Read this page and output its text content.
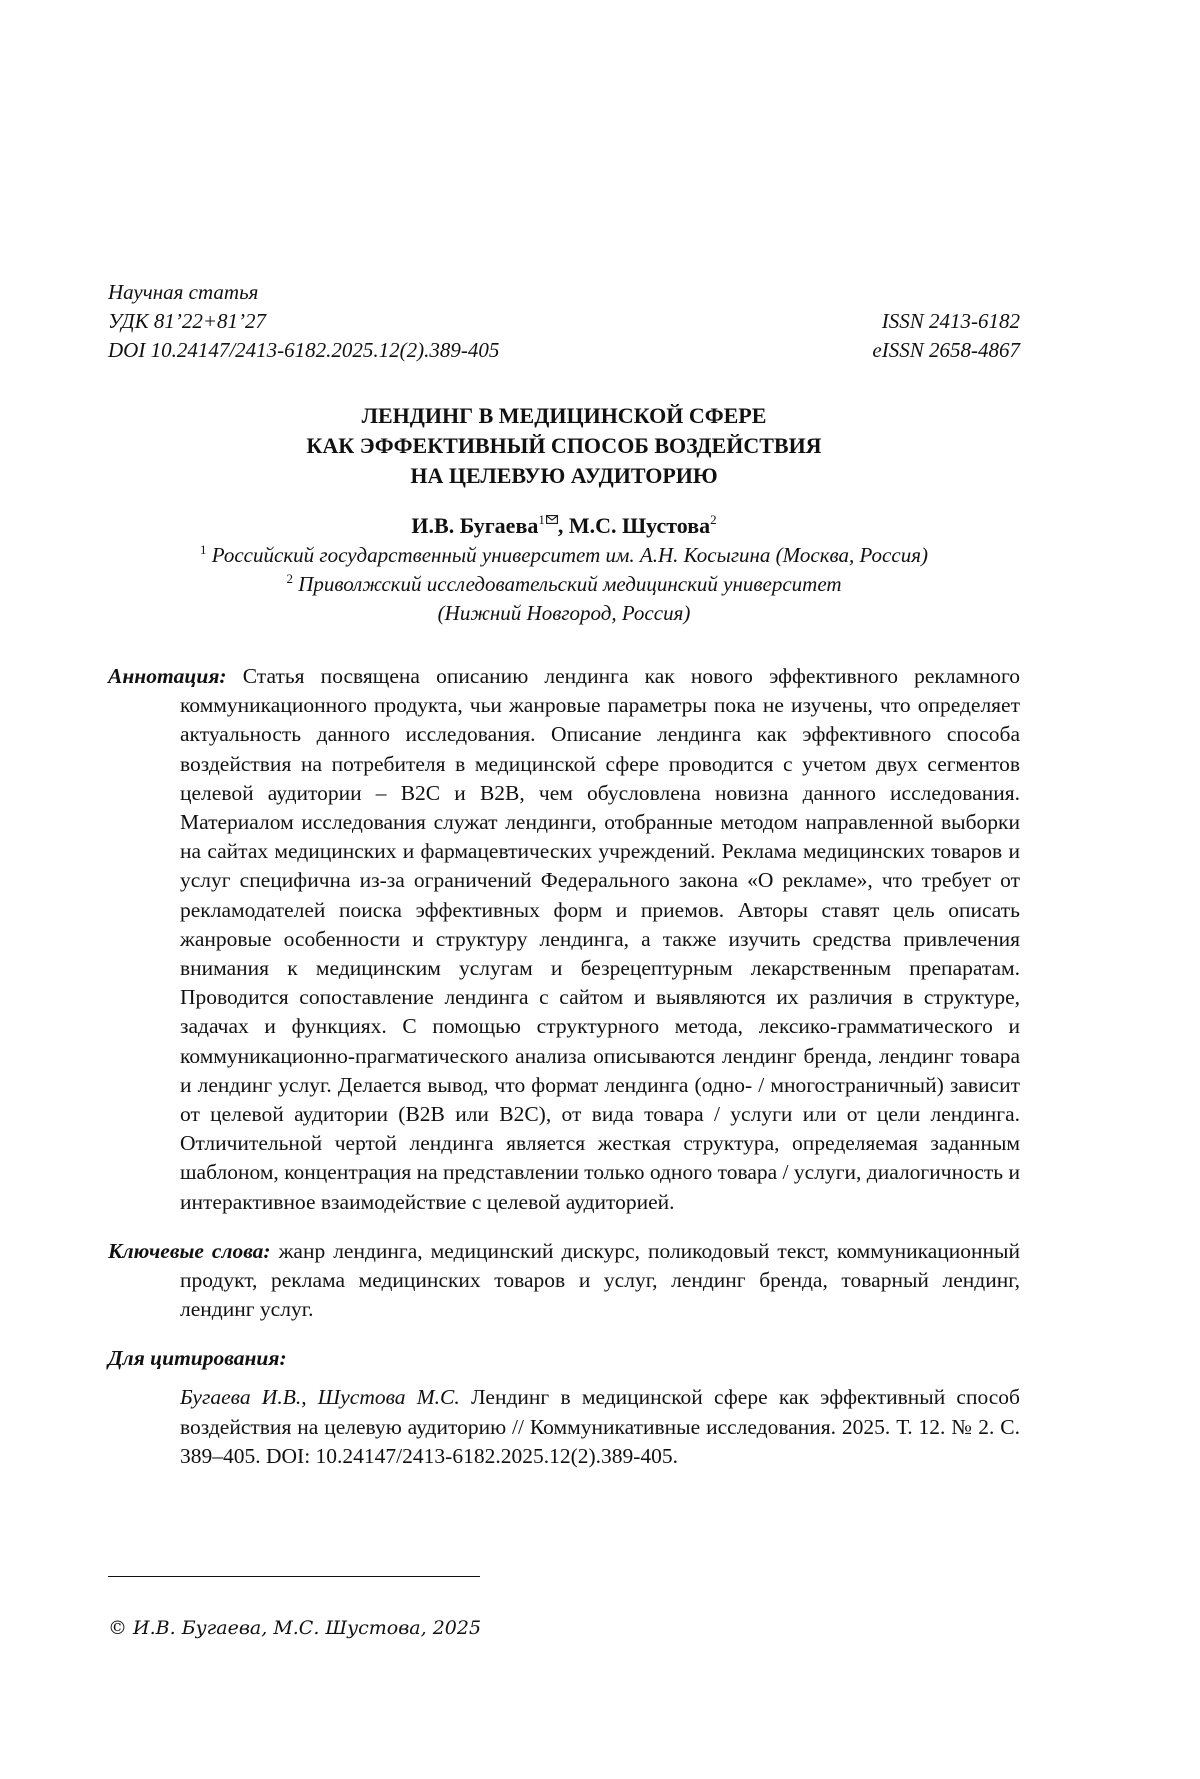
Научная статья
УДК 81’22+81’27	ISSN 2413-6182
DOI 10.24147/2413-6182.2025.12(2).389-405	eISSN 2658-4867
ЛЕНДИНГ В МЕДИЦИНСКОЙ СФЕРЕ
КАК ЭФФЕКТИВНЫЙ СПОСОБ ВОЗДЕЙСТВИЯ
НА ЦЕЛЕВУЮ АУДИТОРИЮ
И.В. Бугаева$^1$ , М.С. Шустова$^2$
$^1$ Российский государственный университет им. А.Н. Косыгина (Москва, Россия)
$^2$ Приволжский исследовательский медицинский университет
(Нижний Новгород, Россия)
Аннотация: Статья посвящена описанию лендинга как нового эффективного рекламного коммуникационного продукта, чьи жанровые параметры пока не изучены, что определяет актуальность данного исследования. Описание лендинга как эффективного способа воздействия на потребителя в медицинской сфере проводится с учетом двух сегментов целевой аудитории – B2C и B2B, чем обусловлена новизна данного исследования. Материалом исследования служат лендинги, отобранные методом направленной выборки на сайтах медицинских и фармацевтических учреждений. Реклама медицинских товаров и услуг специфична из-за ограничений Федерального закона «О рекламе», что требует от рекламодателей поиска эффективных форм и приемов. Авторы ставят цель описать жанровые особенности и структуру лендинга, а также изучить средства привлечения внимания к медицинским услугам и безрецептурным лекарственным препаратам. Проводится сопоставление лендинга с сайтом и выявляются их различия в структуре, задачах и функциях. С помощью структурного метода, лексико-грамматического и коммуникационно-прагматического анализа описываются лендинг бренда, лендинг товара и лендинг услуг. Делается вывод, что формат лендинга (одно- / многостраничный) зависит от целевой аудитории (B2B или B2C), от вида товара / услуги или от цели лендинга. Отличительной чертой лендинга является жесткая структура, определяемая заданным шаблоном, концентрация на представлении только одного товара / услуги, диалогичность и интерактивное взаимодействие с целевой аудиторией.
Ключевые слова: жанр лендинга, медицинский дискурс, поликодовый текст, коммуникационный продукт, реклама медицинских товаров и услуг, лендинг бренда, товарный лендинг, лендинг услуг.
Для цитирования:
Бугаева И.В., Шустова М.С. Лендинг в медицинской сфере как эффективный способ воздействия на целевую аудиторию // Коммуникативные исследования. 2025. Т. 12. № 2. С. 389–405. DOI: 10.24147/2413-6182.2025.12(2).389-405.
© И.В. Бугаева, М.С. Шустова, 2025
